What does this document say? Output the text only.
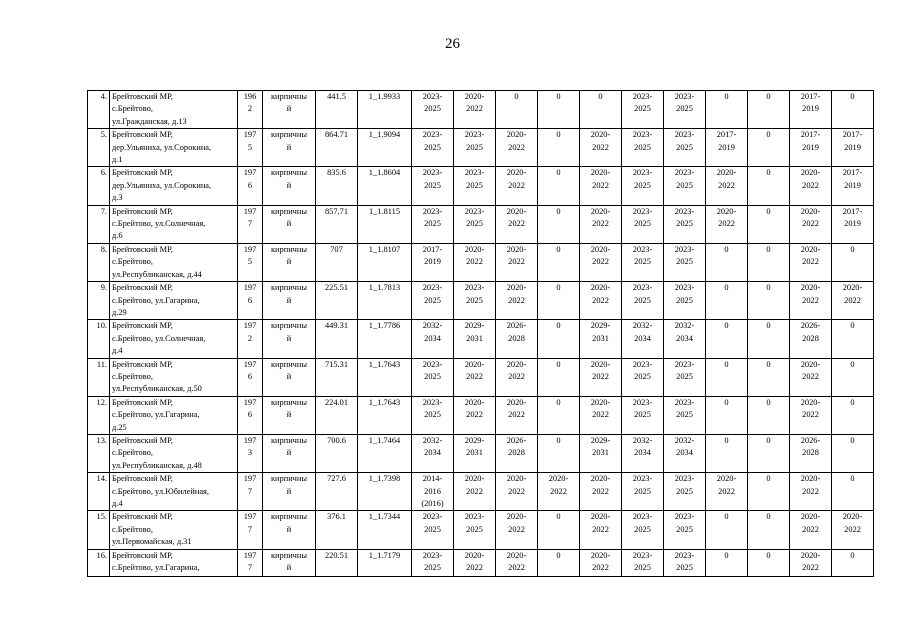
26
4.	Брейтовский МР,
с.Брейтово,
ул.Гражданская, д.13	196
2	кирпичны
й	441.5	1_1.9933	2023-
2025	2020-
2022	0	0	0	2023-
2025	2023-
2025	0	0	2017-
2019	0
5.	Брейтовский МР,
дер.Ульяниха, ул.Сорокина,
д.1	197
5	кирпичны
й	864.71	1_1.9094	2023-
2025	2023-
2025	2020-
2022	0	2020-
2022	2023-
2025	2023-
2025	2017-
2019	0	2017-
2019	2017-
2019
6.	Брейтовский МР,
дер.Ульяниха, ул.Сорокина,
д.3	197
6	кирпичны
й	835.6	1_1.8604	2023-
2025	2023-
2025	2020-
2022	0	2020-
2022	2023-
2025	2023-
2025	2020-
2022	0	2020-
2022	2017-
2019
7.	Брейтовский МР,
с.Брейтово, ул.Солнечная,
д.6	197
7	кирпичны
й	857.71	1_1.8115	2023-
2025	2023-
2025	2020-
2022	0	2020-
2022	2023-
2025	2023-
2025	2020-
2022	0	2020-
2022	2017-
2019
8.	Брейтовский МР,
с.Брейтово,
ул.Республиканская, д.44	197
5	кирпичны
й	707	1_1.8107	2017-
2019	2020-
2022	2020-
2022	0	2020-
2022	2023-
2025	2023-
2025	0	0	2020-
2022	0
9.	Брейтовский МР,
с.Брейтово, ул.Гагарина,
д.29	197
6	кирпичны
й	225.51	1_1.7813	2023-
2025	2023-
2025	2020-
2022	0	2020-
2022	2023-
2025	2023-
2025	0	0	2020-
2022	2020-
2022
10.	Брейтовский МР,
с.Брейтово, ул.Солнечная,
д.4	197
2	кирпичны
й	449.31	1_1.7786	2032-
2034	2029-
2031	2026-
2028	0	2029-
2031	2032-
2034	2032-
2034	0	0	2026-
2028	0
11.	Брейтовский МР,
с.Брейтово,
ул.Республиканская, д.50	197
6	кирпичны
й	715.31	1_1.7643	2023-
2025	2020-
2022	2020-
2022	0	2020-
2022	2023-
2025	2023-
2025	0	0	2020-
2022	0
12.	Брейтовский МР,
с.Брейтово, ул.Гагарина,
д.25	197
6	кирпичны
й	224.01	1_1.7643	2023-
2025	2020-
2022	2020-
2022	0	2020-
2022	2023-
2025	2023-
2025	0	0	2020-
2022	0
13.	Брейтовский МР,
с.Брейтово,
ул.Республиканская, д.48	197
3	кирпичны
й	700.6	1_1.7464	2032-
2034	2029-
2031	2026-
2028	0	2029-
2031	2032-
2034	2032-
2034	0	0	2026-
2028	0
14.	Брейтовский МР,
с.Брейтово, ул.Юбилейная,
д.4	197
7	кирпичны
й	727.6	1_1.7398	2014-
2016
(2016)	2020-
2022	2020-
2022	2020-
2022	2020-
2022	2023-
2025	2023-
2025	2020-
2022	0	2020-
2022	0
15.	Брейтовский МР,
с.Брейтово,
ул.Первомайская, д.31	197
7	кирпичны
й	376.1	1_1.7344	2023-
2025	2023-
2025	2020-
2022	0	2020-
2022	2023-
2025	2023-
2025	0	0	2020-
2022	2020-
2022
16.	Брейтовский МР,
с.Брейтово, ул.Гагарина,	197
7	кирпичны
й	220.51	1_1.7179	2023-
2025	2020-
2022	2020-
2022	0	2020-
2022	2023-
2025	2023-
2025	0	0	2020-
2022	0
